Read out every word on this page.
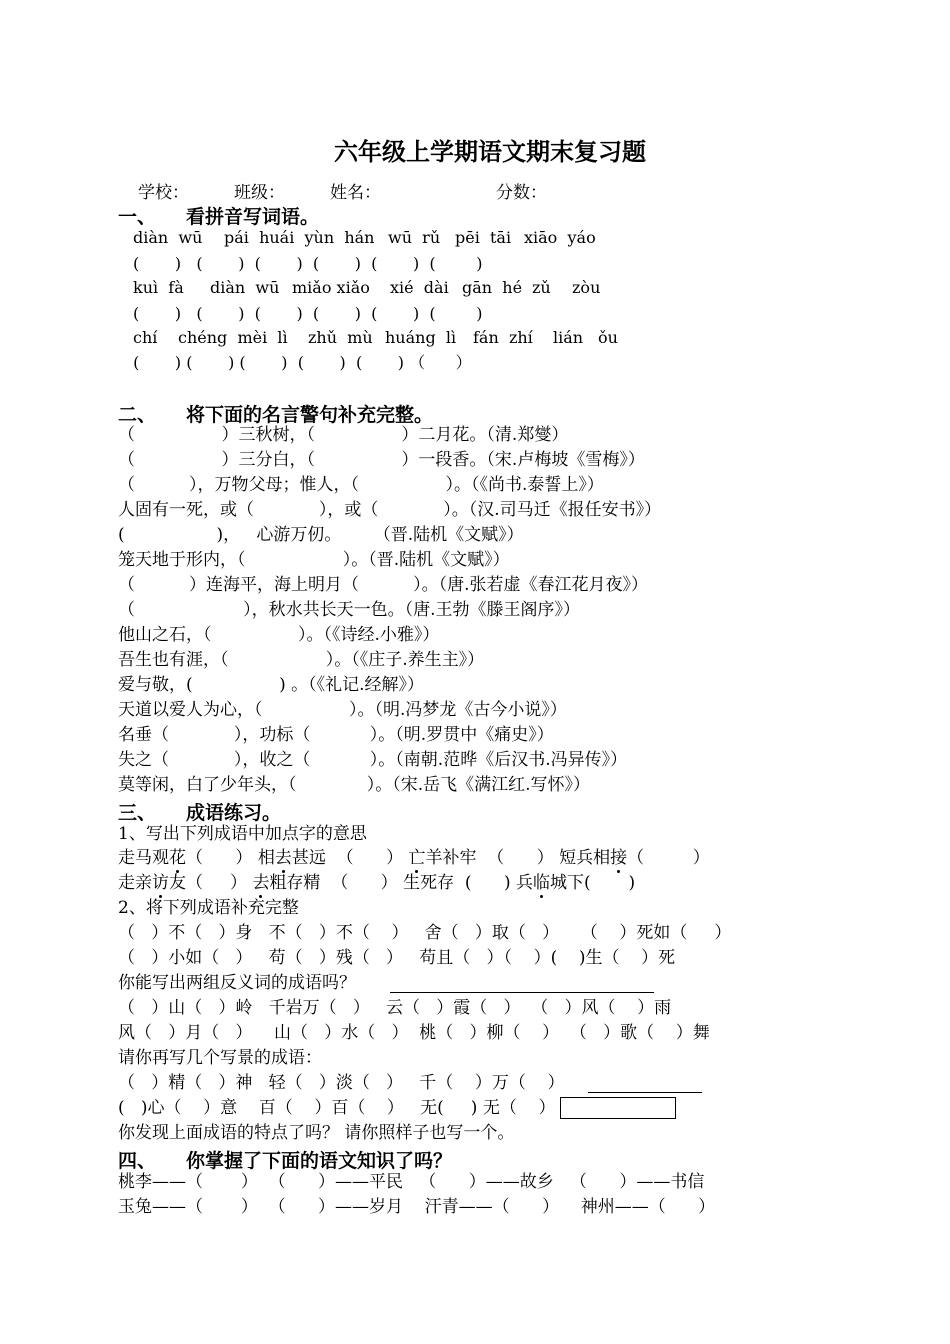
六年级上学期语文期末复习题
学校：	班级：	姓名：	分数：
一、 看拼音写词语。
diàn  wū pái  huái  yùn  hán wū  rǔ pēi  tāi xiāo  yáo
(       )   (       )  (       )  (       )  (       )  (        )
kuì  fà diàn  wū miǎo xiǎo xié  dài gān  hé zǔ zòu
(       )   (       )  (       )  (       )  (       )  (        )
chí chéng  mèi  lì zhǔ  mù huáng  lì fán  zhí lián ǒu
(       ) (       ) (       )  (       )  (       ) （      ）
二、 将下面的名言警句补充完整。
（                ）三秋树，（                ）二月花。（清.郑燮）
（                ）三分白，（                ）一段香。（宋.卢梅坡《雪梅》）
（          ），万物父母；惟人，（                ）。（《尚书.泰誓上》）
人固有一死，或（            ），或（            ）。（汉.司马迁《报任安书》）
(                 )，   心游万仞。      （晋.陆机《文赋》）
笼天地于形内，（                  ）。（晋.陆机《文赋》）
（          ）连海平，海上明月（          ）。（唐.张若虚《春江花月夜》）
（                    ），秋水共长天一色。（唐.王勃《滕王阁序》）
他山之石，（                ）。（《诗经.小雅》）
吾生也有涯，（                  ）。（《庄子.养生主》）
爱与敬，(                ) 。（《礼记.经解》）
天道以爱人为心，（                ）。（明.冯梦龙《古今小说》）
名垂（            ），功标（           ）。（明.罗贯中《痛史》）
失之（            ），收之（           ）。（南朝.范晔《后汉书.冯异传》）
莫等闲，白了少年头，（             ）。（宋.岳飞《满江红.写怀》）
三、 成语练习。
1、写出下列成语中加点字的意思
走马观花（      ） 相去甚远  （      ） 亡羊补牢  （      ） 短兵相接（         ）
走亲访友（     ） 去粗存精  （      ） 生死存  (      ) 兵临城下(       )
2、将下列成语补充完整
（   ）不（   ）身   不（   ）不（    ）   舍（   ）取（   ）    （    ）死如（     ）
（   ）小如（   ）   苟（   ）残（   ）   苟且（   ）（    ）(    )生（    ）死
你能写出两组反义词的成语吗？
（   ）山（   ）岭   千岩万（   ）   云（   ）霞（   ）  （   ）风（    ）雨
风（   ）月（   ）    山（   ）水（   ）  桃（   ）柳（    ）  （   ）歌（    ）舞
请你再写几个写景的成语：
（   ）精（   ）神   轻（   ）淡（   ）   千（    ）万（    ）
(   )心（    ）意    百（    ）百（    ）   无(     ) 无（    ）
你发现上面成语的特点了吗？ 请你照样子也写一个。
四、 你掌握了下面的语文知识了吗？
桃李——（       ）  （      ）——平民   （      ）——故乡   （      ）——书信
玉兔——（       ）  （      ）——岁月    汗青——（      ）    神州——（      ）
